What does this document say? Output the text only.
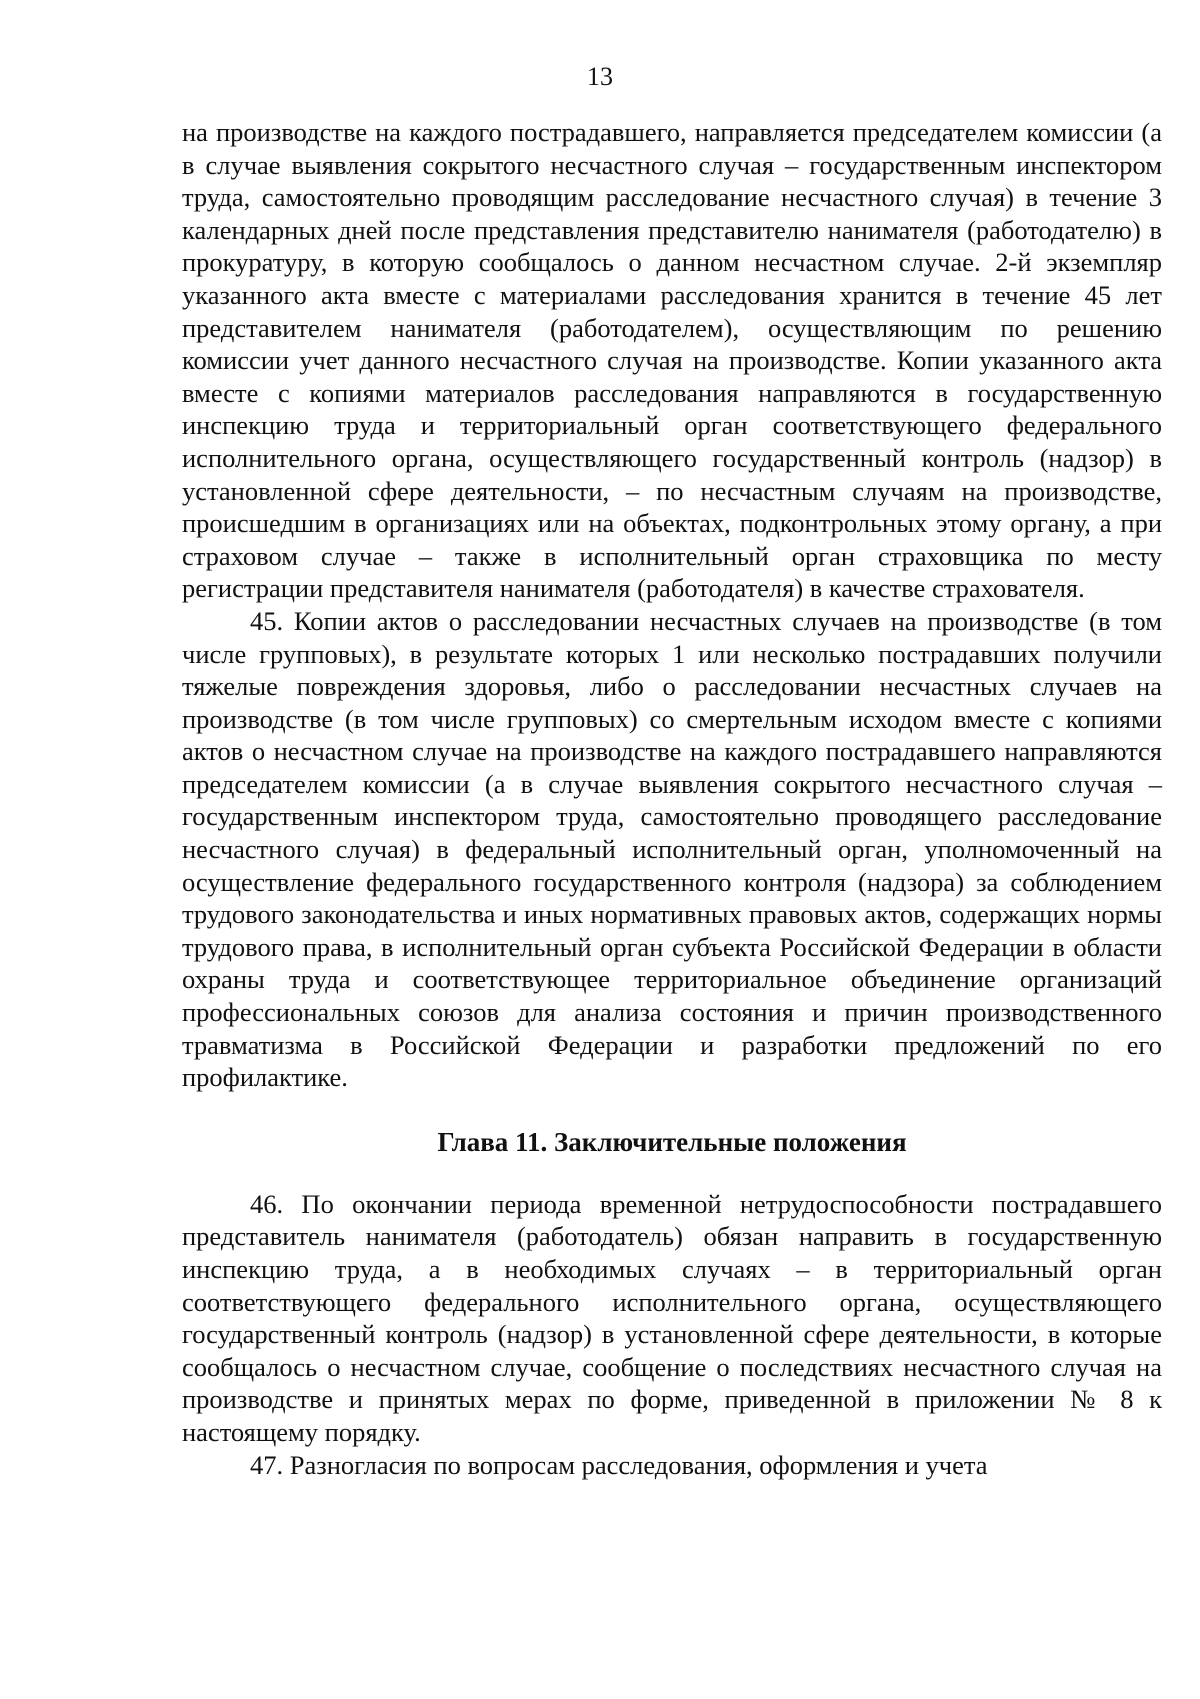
13

на производстве на каждого пострадавшего, направляется председателем комиссии (а в случае выявления сокрытого несчастного случая – государственным инспектором труда, самостоятельно проводящим расследование несчастного случая) в течение 3 календарных дней после представления представителю нанимателя (работодателю) в прокуратуру, в которую сообщалось о данном несчастном случае. 2-й экземпляр указанного акта вместе с материалами расследования хранится в течение 45 лет представителем нанимателя (работодателем), осуществляющим по решению комиссии учет данного несчастного случая на производстве. Копии указанного акта вместе с копиями материалов расследования направляются в государственную инспекцию труда и территориальный орган соответствующего федерального исполнительного органа, осуществляющего государственный контроль (надзор) в установленной сфере деятельности, – по несчастным случаям на производстве, происшедшим в организациях или на объектах, подконтрольных этому органу, а при страховом случае – также в исполнительный орган страховщика по месту регистрации представителя нанимателя (работодателя) в качестве страхователя.

45. Копии актов о расследовании несчастных случаев на производстве (в том числе групповых), в результате которых 1 или несколько пострадавших получили тяжелые повреждения здоровья, либо о расследовании несчастных случаев на производстве (в том числе групповых) со смертельным исходом вместе с копиями актов о несчастном случае на производстве на каждого пострадавшего направляются председателем комиссии (а в случае выявления сокрытого несчастного случая – государственным инспектором труда, самостоятельно проводящего расследование несчастного случая) в федеральный исполнительный орган, уполномоченный на осуществление федерального государственного контроля (надзора) за соблюдением трудового законодательства и иных нормативных правовых актов, содержащих нормы трудового права, в исполнительный орган субъекта Российской Федерации в области охраны труда и соответствующее территориальное объединение организаций профессиональных союзов для анализа состояния и причин производственного травматизма в Российской Федерации и разработки предложений по его профилактике.

Глава 11. Заключительные положения

46. По окончании периода временной нетрудоспособности пострадавшего представитель нанимателя (работодатель) обязан направить в государственную инспекцию труда, а в необходимых случаях – в территориальный орган соответствующего федерального исполнительного органа, осуществляющего государственный контроль (надзор) в установленной сфере деятельности, в которые сообщалось о несчастном случае, сообщение о последствиях несчастного случая на производстве и принятых мерах по форме, приведенной в приложении № 8 к настоящему порядку.

47. Разногласия по вопросам расследования, оформления и учета
